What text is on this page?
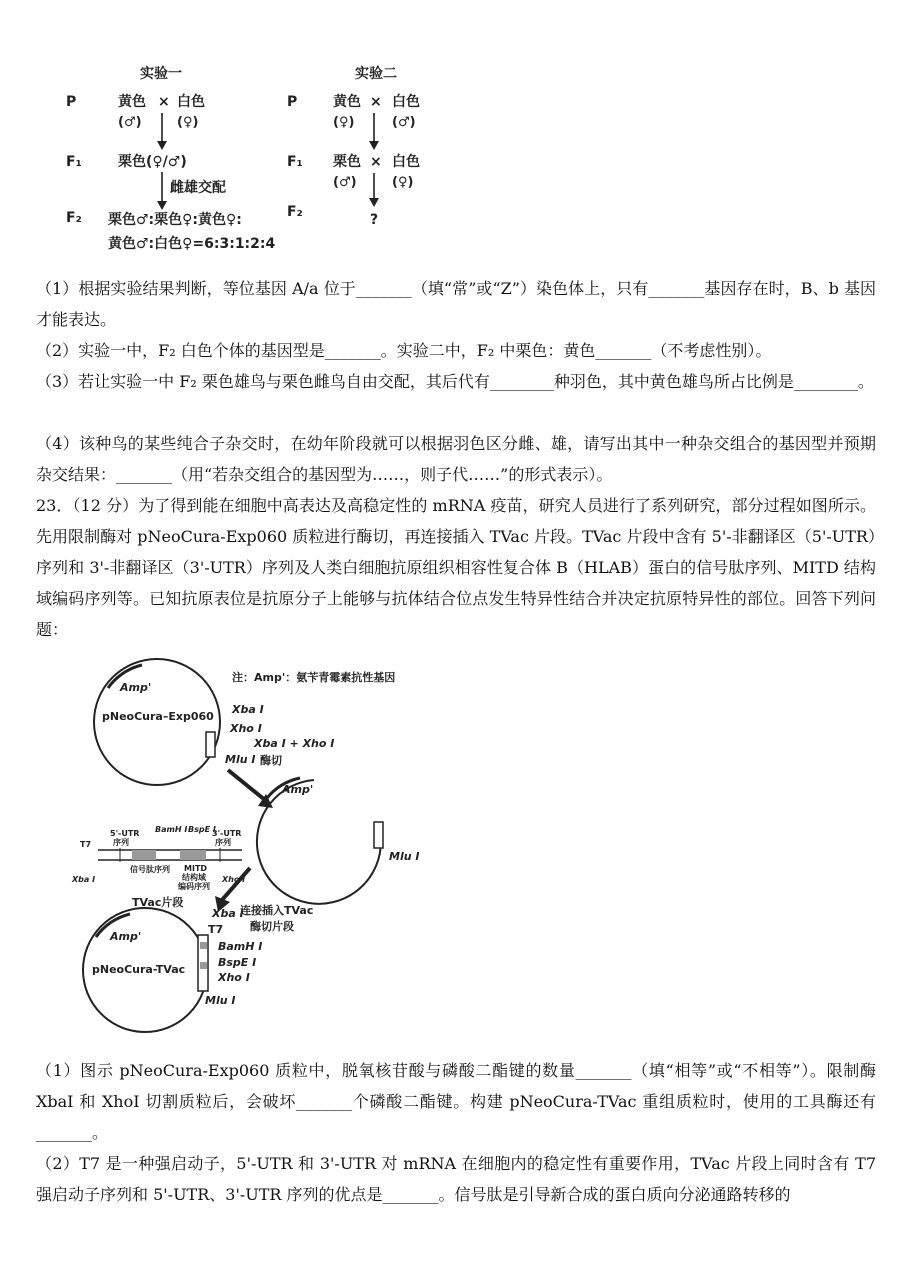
实验一	实验二
P
F₁
F₂
黄色 × 白色
(♂)	(♀)
栗色(♀/♂)
雌雄交配
栗色♂:栗色♀:黄色♀:
黄色♂:白色♀=6:3:1:2:4
P
F₁
F₂
黄色 × 白色
(♀)	(♂)
栗色 × 白色
(♂)	(♀)
?
（1）根据实验结果判断，等位基因 A/a 位于_______（填“常”或“Z”）染色体上，只有_______基因存在时，B、b 基因才能表达。
（2）实验一中，F₂ 白色个体的基因型是_______。实验二中，F₂ 中栗色：黄色_______（不考虑性别）。
（3）若让实验一中 F₂ 栗色雄鸟与栗色雌鸟自由交配，其后代有________种羽色，其中黄色雄鸟所占比例是________。
（4）该种鸟的某些纯合子杂交时，在幼年阶段就可以根据羽色区分雌、雄，请写出其中一种杂交组合的基因型并预期杂交结果：_______（用“若杂交组合的基因型为……，则子代……”的形式表示）。
23．（12 分）为了得到能在细胞中高表达及高稳定性的 mRNA 疫苗，研究人员进行了系列研究，部分过程如图所示。先用限制酶对 pNeoCura-Exp060 质粒进行酶切，再连接插入 TVac 片段。TVac 片段中含有 5'-非翻译区（5'-UTR）序列和 3'-非翻译区（3'-UTR）序列及人类白细胞抗原组织相容性复合体 B（HLAB）蛋白的信号肽序列、MITD 结构域编码序列等。已知抗原表位是抗原分子上能够与抗体结合位点发生特异性结合并决定抗原特异性的部位。回答下列问题：
注：Amp'：氨苄青霉素抗性基因
Amp'
pNeoCura–Exp060
Xba Ⅰ
Xho Ⅰ
Xba Ⅰ + Xho Ⅰ
酶切
Mlu Ⅰ
Amp'
Mlu Ⅰ
5'-UTR
序列
BamH Ⅰ BspE Ⅰ
3'-UTR
序列
T7
信号肽序列 MITD
结构域
编码序列
Xba Ⅰ	Xho Ⅰ
连接插入TVac
酶切片段
TVac片段
Amp'
pNeoCura-TVac
Xba Ⅰ
T7
BamH Ⅰ
BspE Ⅰ
Xho Ⅰ
Mlu Ⅰ
（1）图示 pNeoCura-Exp060 质粒中，脱氧核苷酸与磷酸二酯键的数量_______（填“相等”或“不相等”）。限制酶 XbaI 和 XhoI 切割质粒后，会破坏_______个磷酸二酯键。构建 pNeoCura-TVac 重组质粒时，使用的工具酶还有_______。
（2）T7 是一种强启动子，5'-UTR 和 3'-UTR 对 mRNA 在细胞内的稳定性有重要作用，TVac 片段上同时含有 T7 强启动子序列和 5'-UTR、3'-UTR 序列的优点是_______。信号肽是引导新合成的蛋白质向分泌通路转移的
